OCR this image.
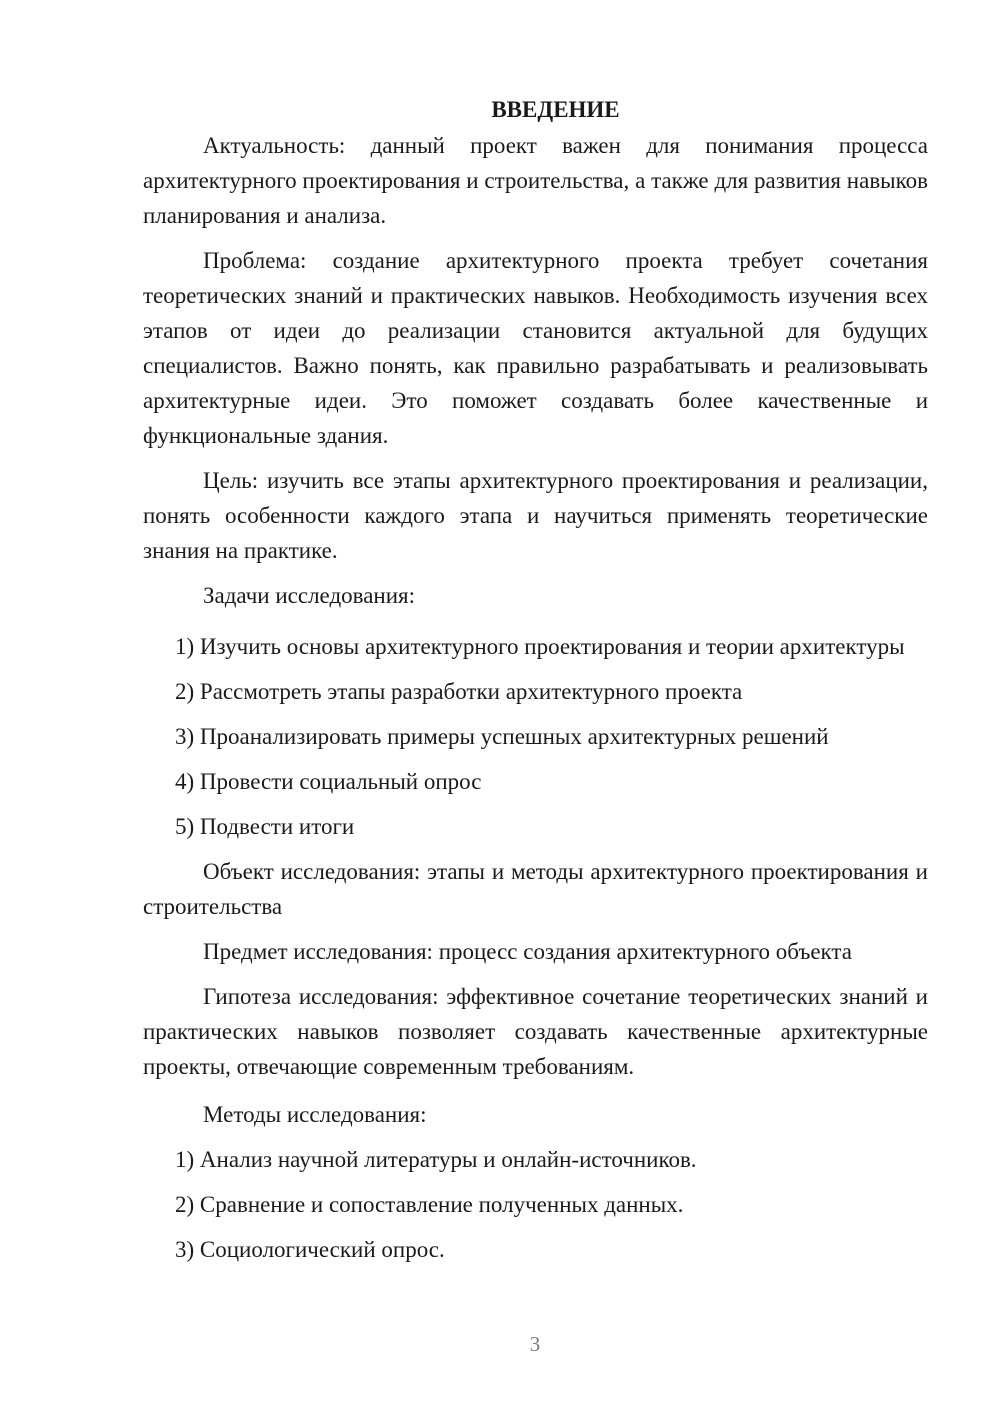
ВВЕДЕНИЕ

Актуальность: данный проект важен для понимания процесса архитектурного проектирования и строительства, а также для развития навыков планирования и анализа.

Проблема: создание архитектурного проекта требует сочетания теоретических знаний и практических навыков. Необходимость изучения всех этапов от идеи до реализации становится актуальной для будущих специалистов. Важно понять, как правильно разрабатывать и реализовывать архитектурные идеи. Это поможет создавать более качественные и функциональные здания.

Цель: изучить все этапы архитектурного проектирования и реализации, понять особенности каждого этапа и научиться применять теоретические знания на практике.

Задачи исследования:

1) Изучить основы архитектурного проектирования и теории архитектуры

2) Рассмотреть этапы разработки архитектурного проекта

3) Проанализировать примеры успешных архитектурных решений

4) Провести социальный опрос

5) Подвести итоги

Объект исследования: этапы и методы архитектурного проектирования и строительства

Предмет исследования: процесс создания архитектурного объекта

Гипотеза исследования: эффективное сочетание теоретических знаний и практических навыков позволяет создавать качественные архитектурные проекты, отвечающие современным требованиям.

Методы исследования:

1) Анализ научной литературы и онлайн-источников.

2) Сравнение и сопоставление полученных данных.

3) Социологический опрос.

3
